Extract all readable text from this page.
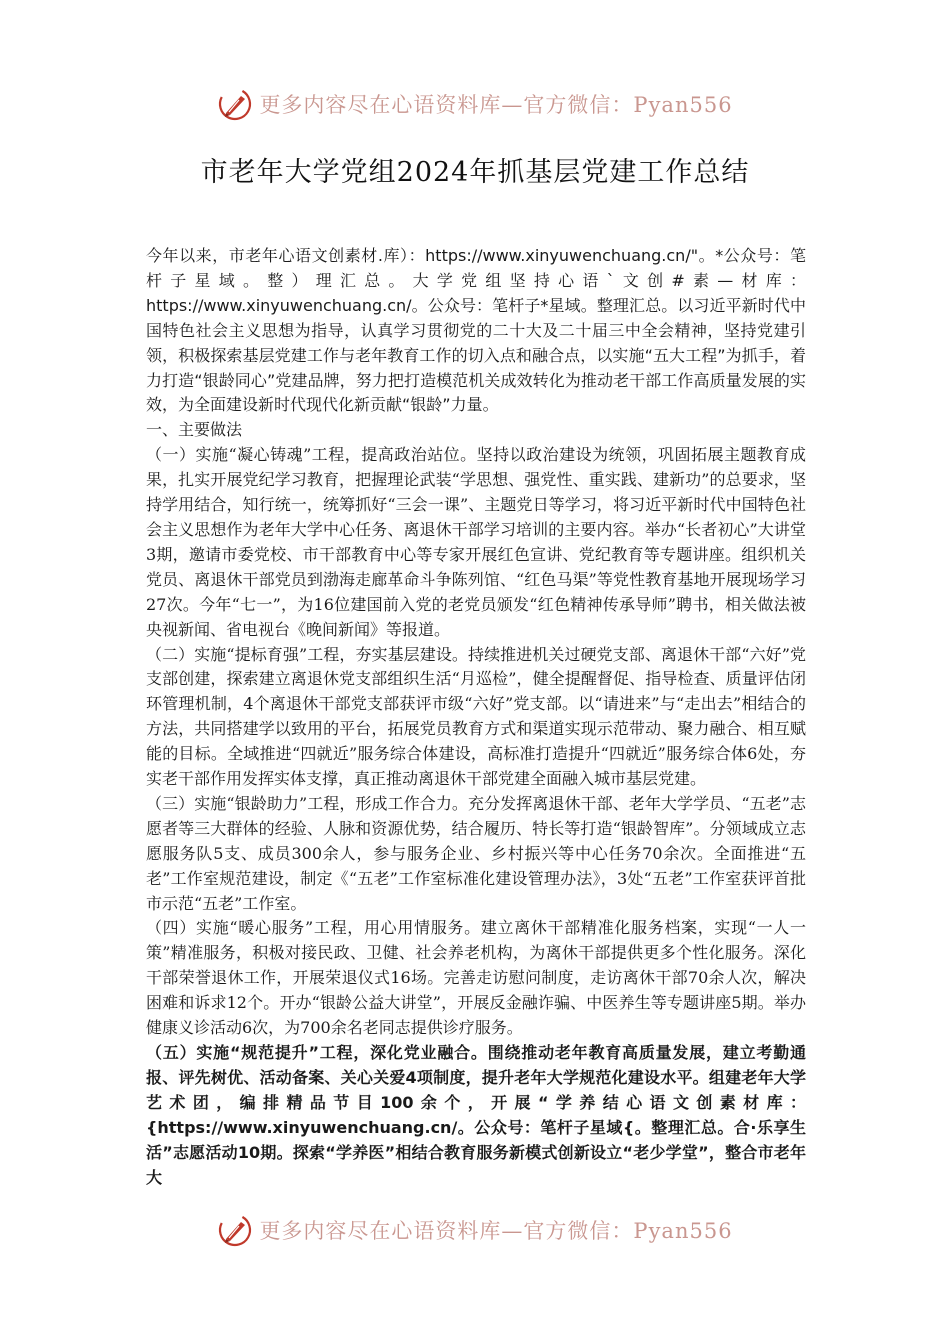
更多内容尽在心语资料库—官方微信：Pyan556
市老年大学党组2024年抓基层党建工作总结

今年以来，市老年心语文创素材.库）：https://www.xinyuwenchuang.cn/"。*公众号：笔杆子星域。整）理汇总。大学党组坚持心语`文创#素—材库：https://www.xinyuwenchuang.cn/。公众号：笔杆子*星域。整理汇总。以习近平新时代中国特色社会主义思想为指导，认真学习贯彻党的二十大及二十届三中全会精神，坚持党建引领，积极探索基层党建工作与老年教育工作的切入点和融合点，以实施“五大工程”为抓手，着力打造“银龄同心”党建品牌，努力把打造模范机关成效转化为推动老干部工作高质量发展的实效，为全面建设新时代现代化新贡献“银龄”力量。

一、主要做法

（一）实施“凝心铸魂”工程，提高政治站位。坚持以政治建设为统领，巩固拓展主题教育成果，扎实开展党纪学习教育，把握理论武装“学思想、强党性、重实践、建新功”的总要求，坚持学用结合，知行统一，统筹抓好“三会一课”、主题党日等学习，将习近平新时代中国特色社会主义思想作为老年大学中心任务、离退休干部学习培训的主要内容。举办“长者初心”大讲堂3期，邀请市委党校、市干部教育中心等专家开展红色宣讲、党纪教育等专题讲座。组织机关党员、离退休干部党员到渤海走廊革命斗争陈列馆、“红色马渠”等党性教育基地开展现场学习27次。今年“七一”，为16位建国前入党的老党员颁发“红色精神传承导师”聘书，相关做法被央视新闻、省电视台《晚间新闻》等报道。

（二）实施“提标育强”工程，夯实基层建设。持续推进机关过硬党支部、离退休干部“六好”党支部创建，探索建立离退休党支部组织生活“月巡检”，健全提醒督促、指导检查、质量评估闭环管理机制，4个离退休干部党支部获评市级“六好”党支部。以“请进来”与“走出去”相结合的方法，共同搭建学以致用的平台，拓展党员教育方式和渠道实现示范带动、聚力融合、相互赋能的目标。全域推进“四就近”服务综合体建设，高标准打造提升“四就近”服务综合体6处，夯实老干部作用发挥实体支撑，真正推动离退休干部党建全面融入城市基层党建。

（三）实施“银龄助力”工程，形成工作合力。充分发挥离退休干部、老年大学学员、“五老”志愿者等三大群体的经验、人脉和资源优势，结合履历、特长等打造“银龄智库”。分领域成立志愿服务队5支、成员300余人，参与服务企业、乡村振兴等中心任务70余次。全面推进“五老”工作室规范建设，制定《“五老”工作室标准化建设管理办法》，3处“五老”工作室获评首批市示范“五老”工作室。

（四）实施“暖心服务”工程，用心用情服务。建立离休干部精准化服务档案，实现“一人一策”精准服务，积极对接民政、卫健、社会养老机构，为离休干部提供更多个性化服务。深化干部荣誉退休工作，开展荣退仪式16场。完善走访慰问制度，走访离休干部70余人次，解决困难和诉求12个。开办“银龄公益大讲堂”，开展反金融诈骗、中医养生等专题讲座5期。举办健康义诊活动6次，为700余名老同志提供诊疗服务。

（五）实施“规范提升”工程，深化党业融合。围绕推动老年教育高质量发展，建立考勤通报、评先树优、活动备案、关心关爱4项制度，提升老年大学规范化建设水平。组建老年大学艺术团，编排精品节目100余个，开展“学养结心语文创素材库：{https://www.xinyuwenchuang.cn/。公众号：笔杆子星域{。整理汇总。合·乐享生活”志愿活动10期。探索“学养医”相结合教育服务新模式创新设立“老少学堂”，整合市老年大

更多内容尽在心语资料库—官方微信：Pyan556
